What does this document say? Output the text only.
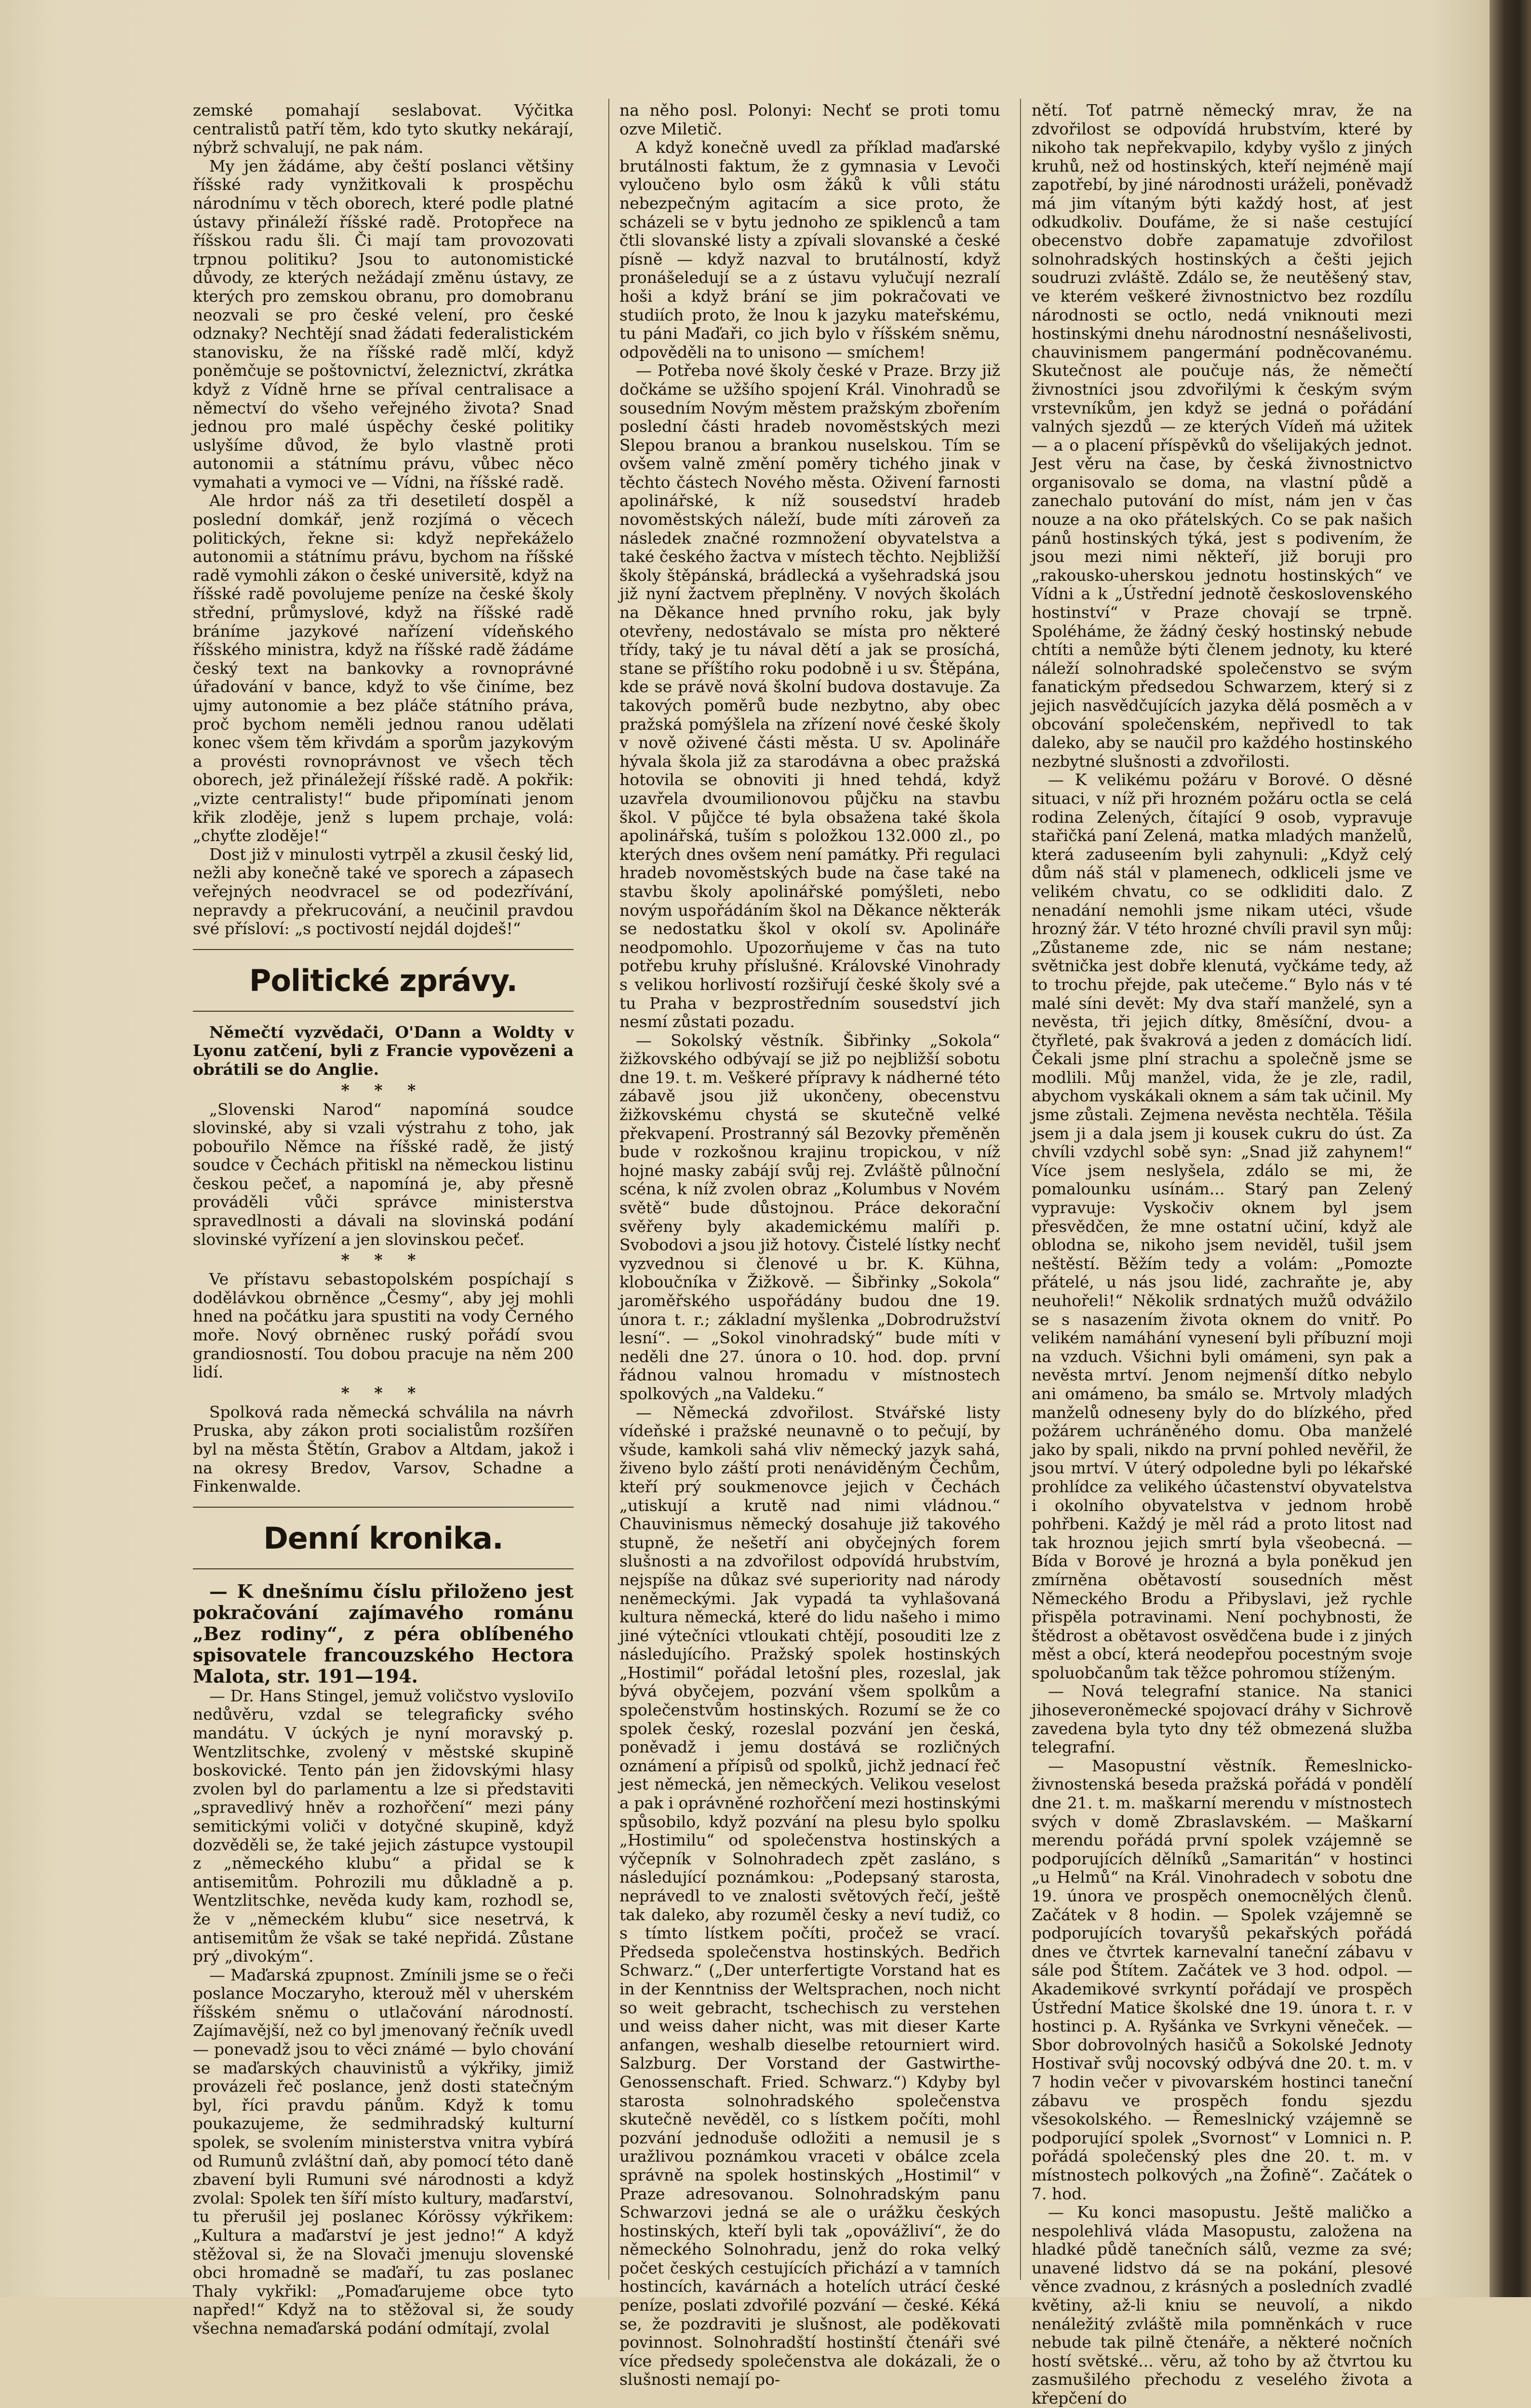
zemské pomahají seslabovat. Výčitka centralistů patří těm, kdo tyto skutky nekárají, nýbrž schvalují, ne pak nám.

My jen žádáme, aby čeští poslanci většiny říšské rady vynžitkovali k prospěchu národnímu v těch oborech, které podle platné ústavy přináleží říšské radě. Protopřece na říšskou radu šli. Či mají tam provozovati trpnou politiku? Jsou to autonomistické důvody, ze kterých nežádají změnu ústavy, ze kterých pro zemskou obranu, pro domobranu neozvali se pro české velení, pro české odznaky? Nechtějí snad žádati federalistickém stanovisku, že na říšské radě mlčí, když poněmčuje se poštovnictví, železnictví, zkrátka když z Vídně hrne se příval centralisace a němectví do všeho veřejného života? Snad jednou pro malé úspěchy české politiky uslyšíme důvod, že bylo vlastně proti autonomii a státnímu právu, vůbec něco vymahati a vymoci ve — Vídni, na říšské radě.

Ale hrdor náš za tři desetiletí dospěl a poslední domkář, jenž rozjímá o věcech politických, řekne si: když nepřekáželo autonomii a státnímu právu, bychom na říšské radě vymohli zákon o české universitě, když na říšské radě povolujeme peníze na české školy střední, průmyslové, když na říšské radě bráníme jazykové nařízení vídeňského říšského ministra, když na říšské radě žádáme český text na bankovky a rovnoprávné úřadování v bance, když to vše činíme, bez ujmy autonomie a bez pláče státního práva, proč bychom neměli jednou ranou udělati konec všem těm křivdám a sporům jazykovým a provésti rovnoprávnost ve všech těch oborech, jež přináležejí říšské radě. A pokřik: „vizte centralisty!“ bude připomínati jenom křik zloděje, jenž s lupem prchaje, volá: „chyťte zloděje!“

Dost již v minulosti vytrpěl a zkusil český lid, nežli aby konečně také ve sporech a zápasech veřejných neodvracel se od podezřívání, nepravdy a překrucování, a neučinil pravdou své přísloví: „s poctivostí nejdál dojdeš!“

Politické zprávy.

Němečtí vyzvědači, O'Dann a Woldty v Lyonu zatčení, byli z Francie vypovězeni a obrátili se do Anglie.

* * *

„Slovenski Narod“ napomíná soudce slovinské, aby si vzali výstrahu z toho, jak pobouřilo Němce na říšské radě, že jistý soudce v Čechách přitiskl na německou listinu českou pečeť, a napomíná je, aby přesně prováděli vůči správce ministerstva spravedlnosti a dávali na slovinská podání slovinské vyřízení a jen slovinskou pečeť.

* * *

Ve přístavu sebastopolském pospíchají s dodělávkou obrněnce „Česmy“, aby jej mohli hned na počátku jara spustiti na vody Černého moře. Nový obrněnec ruský pořádí svou grandiosností. Tou dobou pracuje na něm 200 lidí.

* * *

Spolková rada německá schválila na návrh Pruska, aby zákon proti socialistům rozšířen byl na města Štětín, Grabov a Altdam, jakož i na okresy Bredov, Varsov, Schadne a Finkenwalde.

Denní kronika.

— K dnešnímu číslu přiloženo jest pokračování zajímavého románu „Bez rodiny“, z péra oblíbeného spisovatele francouzského Hectora Malota, str. 191—194.

— Dr. Hans Stingel, jemuž voličstvo vysloviIo nedůvěru, vzdal se telegraficky svého mandátu. V úckých je nyní moravský p. Wentzlitschke, zvolený v městské skupině boskovické. Tento pán jen židovskými hlasy zvolen byl do parlamentu a lze si představiti „spravedlivý hněv a rozhořčení“ mezi pány semitickými voliči v dotyčné skupině, když dozvěděli se, že také jejich zástupce vystoupil z „německého klubu“ a přidal se k antisemitům. Pohrozili mu důkladně a p. Wentzlitschke, nevěda kudy kam, rozhodl se, že v „německém klubu“ sice nesetrvá, k antisemitům že však se také nepřidá. Zůstane prý „divokým“.

— Maďarská zpupnost. Zmínili jsme se o řeči poslance Moczaryho, kterouž měl v uherském říšském sněmu o utlačování národností. Zajímavější, než co byl jmenovaný řečník uvedl — ponevadž jsou to věci známé — bylo chování se maďarských chauvinistů a výkřiky, jimiž provázeli řeč poslance, jenž dosti statečným byl, říci pravdu pánům. Když k tomu poukazujeme, že sedmihradský kulturní spolek, se svolením ministerstva vnitra vybírá od Rumunů zvláštní daň, aby pomocí této daně zbavení byli Rumuni své národnosti a když zvolal: Spolek ten šíří místo kultury, maďarství, tu přerušil jej poslanec Kórössy výkřikem: „Kultura a maďarství je jest jedno!“ A když stěžoval si, že na Slovači jmenuju slovenské obci hromadně se maďaří, tu zas poslanec Thaly vykřikl: „Pomaďarujeme obce tyto napřed!“ Když na to stěžoval si, že soudy všechna nemaďarská podání odmítají, zvolal

na něho posl. Polonyi: Nechť se proti tomu ozve Miletič.

A když konečně uvedl za příklad maďarské brutálnosti faktum, že z gymnasia v Levoči vyloučeno bylo osm žáků k vůli státu nebezpečným agitacím a sice proto, že scházeli se v bytu jednoho ze spiklenců a tam čtli slovanské listy a zpívali slovanské a české písně — když nazval to brutálností, když pronášeledují se a z ústavu vylučují nezralí hoši a když brání se jim pokračovati ve studiích proto, že lnou k jazyku mateřskému, tu páni Maďaři, co jich bylo v říšském sněmu, odpověděli na to unisono — smíchem!

— Potřeba nové školy české v Praze. Brzy již dočkáme se užšího spojení Král. Vinohradů se sousedním Novým městem pražským zbořením poslední části hradeb novoměstských mezi Slepou branou a brankou nuselskou. Tím se ovšem valně změní poměry tichého jinak v těchto částech Nového města. Oživení farnosti apolinářské, k níž sousedství hradeb novoměstských náleží, bude míti zároveň za následek značné rozmnožení obyvatelstva a také českého žactva v místech těchto. Nejbližší školy štěpánská, brádlecká a vyšehradská jsou již nyní žactvem přeplněny. V nových školách na Děkance hned prvního roku, jak byly otevřeny, nedostávalo se místa pro některé třídy, taký je tu nával dětí a jak se prosíchá, stane se příštího roku podobně i u sv. Štěpána, kde se právě nová školní budova dostavuje. Za takových poměrů bude nezbytno, aby obec pražská pomýšlela na zřízení nové české školy v nově oživené části města. U sv. Apolináře hývala škola již za starodávna a obec pražská hotovila se obnoviti ji hned tehdá, když uzavřela dvoumilionovou půjčku na stavbu škol. V půjčce té byla obsažena také škola apolinářská, tuším s položkou 132.000 zl., po kterých dnes ovšem není památky. Při regulaci hradeb novoměstských bude na čase také na stavbu školy apolinářské pomýšleti, nebo novým uspořádáním škol na Děkance některák se nedostatku škol v okolí sv. Apolináře neodpomohlo. Upozorňujeme v čas na tuto potřebu kruhy příslušné. Královské Vinohrady s velikou horlivostí rozšiřují české školy své a tu Praha v bezprostředním sousedství jich nesmí zůstati pozadu.

— Sokolský věstník. Šibřinky „Sokola“ žižkovského odbývají se již po nejbližší sobotu dne 19. t. m. Veškeré přípravy k nádherné této zábavě jsou již ukončeny, obecenstvu žižkovskému chystá se skutečně velké překvapení. Prostranný sál Bezovky přeměněn bude v rozkošnou krajinu tropickou, v níž hojné masky zabájí svůj rej. Zvláště půlnoční scéna, k níž zvolen obraz „Kolumbus v Novém světě“ bude důstojnou. Práce dekorační svěřeny byly akademickému malíři p. Svobodovi a jsou již hotovy. Čistelé lístky nechť vyzvednou si členové u br. K. Kühna, kloboučníka v Žižkově. — Šibřinky „Sokola“ jaroměřského uspořádány budou dne 19. února t. r.; základní myšlenka „Dobrodružství lesní“. — „Sokol vinohradský“ bude míti v neděli dne 27. února o 10. hod. dop. první řádnou valnou hromadu v místnostech spolkových „na Valdeku.“

— Německá zdvořilost. Stvářské listy vídeňské i pražské neunavně o to pečují, by všude, kamkoli sahá vliv německý jazyk sahá, živeno bylo záští proti nenáviděným Čechům, kteří prý soukmenovce jejich v Čechách „utiskují a krutě nad nimi vládnou.“ Chauvinismus německý dosahuje již takového stupně, že nešetří ani obyčejných forem slušnosti a na zdvořilost odpovídá hrubstvím, nejspíše na důkaz své superiority nad národy neněmeckými. Jak vypadá ta vyhlašovaná kultura německá, které do lidu našeho i mimo jiné výtečníci vtloukati chtějí, posouditi lze z následujícího. Pražský spolek hostinských „Hostimil“ pořádal letošní ples, rozeslal, jak bývá obyčejem, pozvání všem spolkům a společenstvům hostinských. Rozumí se že co spolek český, rozeslal pozvání jen česká, poněvadž i jemu dostává se rozličných oznámení a přípisů od spolků, jichž jednací řeč jest německá, jen německých. Velikou veselost a pak i oprávněné rozhořčení mezi hostinskými spůsobilo, když pozvání na plesu bylo spolku „Hostimilu“ od společenstva hostinských a výčepník v Solnohradech zpět zasláno, s následující poznámkou: „Podepsaný starosta, neprávedl to ve znalosti světových řečí, ještě tak daleko, aby rozuměl česky a neví tudiž, co s tímto lístkem počíti, pročež se vrací. Předseda společenstva hostinských. Bedřich Schwarz.“ („Der unterfertigte Vorstand hat es in der Kenntniss der Weltsprachen, noch nicht so weit gebracht, tschechisch zu verstehen und weiss daher nicht, was mit dieser Karte anfangen, weshalb dieselbe retourniert wird. Salzburg. Der Vorstand der Gastwirthe-Genossenschaft. Fried. Schwarz.“) Kdyby byl starosta solnohradského společenstva skutečně nevěděl, co s lístkem počíti, mohl pozvání jednoduše odložiti a nemusil je s uražlivou poznámkou vraceti v obálce zcela správně na spolek hostinských „Hostimil“ v Praze adresovanou. Solnohradským panu Schwarzovi jedná se ale o urážku českých hostinských, kteří byli tak „opovážliví“, že do německého Solnohradu, jenž do roka velký počet českých cestujících přichází a v tamních hostincích, kavárnách a hotelích utrácí české peníze, poslati zdvořilé pozvání — české. Kéká se, že pozdraviti je slušnost, ale poděkovati povinnost. Solnohradští hostinští čtenáři své více předsedy společenstva ale dokázali, že o slušnosti nemají po-

nětí. Toť patrně německý mrav, že na zdvořilost se odpovídá hrubstvím, které by nikoho tak nepřekvapilo, kdyby vyšlo z jiných kruhů, než od hostinských, kteří nejméně mají zapotřebí, by jiné národnosti uráželi, poněvadž má jim vítaným býti každý host, ať jest odkudkoliv. Doufáme, že si naše cestující obecenstvo dobře zapamatuje zdvořilost solnohradských hostinských a češti jejich soudruzi zvláště. Zdálo se, že neutěšený stav, ve kterém veškeré živnostnictvo bez rozdílu národnosti se octlo, nedá vniknouti mezi hostinskými dnehu národnostní nesnášelivosti, chauvinismem pangermání podněcovanému. Skutečnost ale poučuje nás, že němečtí živnostníci jsou zdvořilými k českým svým vrstevníkům, jen když se jedná o pořádání valných sjezdů — ze kterých Vídeň má užitek — a o placení příspěvků do všelijakých jednot. Jest věru na čase, by česká živnostnictvo organisovalo se doma, na vlastní půdě a zanechalo putování do míst, nám jen v čas nouze a na oko přátelských. Co se pak našich pánů hostinských týká, jest s podivením, že jsou mezi nimi někteří, již boruji pro „rakousko-uherskou jednotu hostinských“ ve Vídni a k „Ústřední jednotě československého hostinství“ v Praze chovají se trpně. Spoléháme, že žádný český hostinský nebude chtíti a nemůže býti členem jednoty, ku které náleží solnohradské společenstvo se svým fanatickým předsedou Schwarzem, který si z jejich nasvědčujících jazyka dělá posměch a v obcování společenském, nepřivedl to tak daleko, aby se naučil pro každého hostinského nezbytné slušnosti a zdvořilosti.

— K velikému požáru v Borové. O děsné situaci, v níž při hrozném požáru octla se celá rodina Zelených, čítající 9 osob, vypravuje stařičká paní Zelená, matka mladých manželů, která zaduseením byli zahynuli: „Když celý dům náš stál v plamenech, odkliceli jsme ve velikém chvatu, co se odkliditi dalo. Z nenadání nemohli jsme nikam utéci, všude hrozný žár. V této hrozné chvíli pravil syn můj: „Zůstaneme zde, nic se nám nestane; světnička jest dobře klenutá, vyčkáme tedy, až to trochu přejde, pak utečeme.“ Bylo nás v té malé síni devět: My dva staří manželé, syn a nevěsta, tři jejich dítky, 8měsíční, dvou- a čtyřleté, pak švakrová a jeden z domácích lidí. Čekali jsme plní strachu a společně jsme se modlili. Můj manžel, vida, že je zle, radil, abychom vyskákali oknem a sám tak učinil. My jsme zůstali. Zejmena nevěsta nechtěla. Těšila jsem ji a dala jsem ji kousek cukru do úst. Za chvíli vzdychl sobě syn: „Snad již zahynem!“ Více jsem neslyšela, zdálo se mi, že pomalounku usínám... Starý pan Zelený vypravuje: Vyskočiv oknem byl jsem přesvědčen, že mne ostatní učiní, když ale oblodna se, nikoho jsem neviděl, tušil jsem neštěstí. Běžím tedy a volám: „Pomozte přátelé, u nás jsou lidé, zachraňte je, aby neuhořeli!“ Několik srdnatých mužů odvážilo se s nasazením života oknem do vnitř. Po velikém namáhání vynesení byli příbuzní moji na vzduch. Všichni byli omámeni, syn pak a nevěsta mrtví. Jenom nejmenší dítko nebylo ani omámeno, ba smálo se. Mrtvoly mladých manželů odneseny byly do do blízkého, před požárem uchráněného domu. Oba manželé jako by spali, nikdo na první pohled nevěřil, že jsou mrtví. V úterý odpoledne byli po lékařské prohlídce za velikého účastenství obyvatelstva i okolního obyvatelstva v jednom hrobě pohřbeni. Každý je měl rád a proto litost nad tak hroznou jejich smrtí byla všeobecná. — Bída v Borové je hrozná a byla poněkud jen zmírněna obětavostí sousedních měst Německého Brodu a Přibyslavi, jež rychle přispěla potravinami. Není pochybnosti, že štědrost a obětavost osvědčena bude i z jiných měst a obcí, která neodepřou pocestným svoje spoluobčanům tak těžce pohromou stíženým.

— Nová telegrafní stanice. Na stanici jihoseveroněmecké spojovací dráhy v Sichrově zavedena byla tyto dny též obmezená služba telegrafní.

— Masopustní věstník. Řemeslnicko-živnostenská beseda pražská pořádá v pondělí dne 21. t. m. maškarní merendu v místnostech svých v domě Zbraslavském. — Maškarní merendu pořádá první spolek vzájemně se podporujících dělníků „Samaritán“ v hostinci „u Helmů“ na Král. Vinohradech v sobotu dne 19. února ve prospěch onemocnělých členů. Začátek v 8 hodin. — Spolek vzájemně se podporujících tovaryšů pekařských pořádá dnes ve čtvrtek karnevalní taneční zábavu v sále pod Štítem. Začátek ve 3 hod. odpol. — Akademikové svrkyntí pořádají ve prospěch Ústřední Matice školské dne 19. února t. r. v hostinci p. A. Ryšánka ve Svrkyni věneček. — Sbor dobrovolných hasičů a Sokolské Jednoty Hostivař svůj nocovský odbývá dne 20. t. m. v 7 hodin večer v pivovarském hostinci taneční zábavu ve prospěch fondu sjezdu všesokolského. — Řemeslnický vzájemně se podporující spolek „Svornost“ v Lomnici n. P. pořádá společenský ples dne 20. t. m. v místnostech polkových „na Žofině“. Začátek o 7. hod.

— Ku konci masopustu. Ještě maličko a nespolehlivá vláda Masopustu, založena na hladké půdě tanečních sálů, vezme za své; unavené lidstvo dá se na pokání, plesové věnce zvadnou, z krásných a posledních zvadlé květiny, až-li kniu se neuvolí, a nikdo nenáležitý zvláště mila pomněnkách v ruce nebude tak pilně čtenáře, a některé nočních hostí světské... věru, až toho by až čtvrtou ku zasmušilého přechodu z veselého života a křepčení do
